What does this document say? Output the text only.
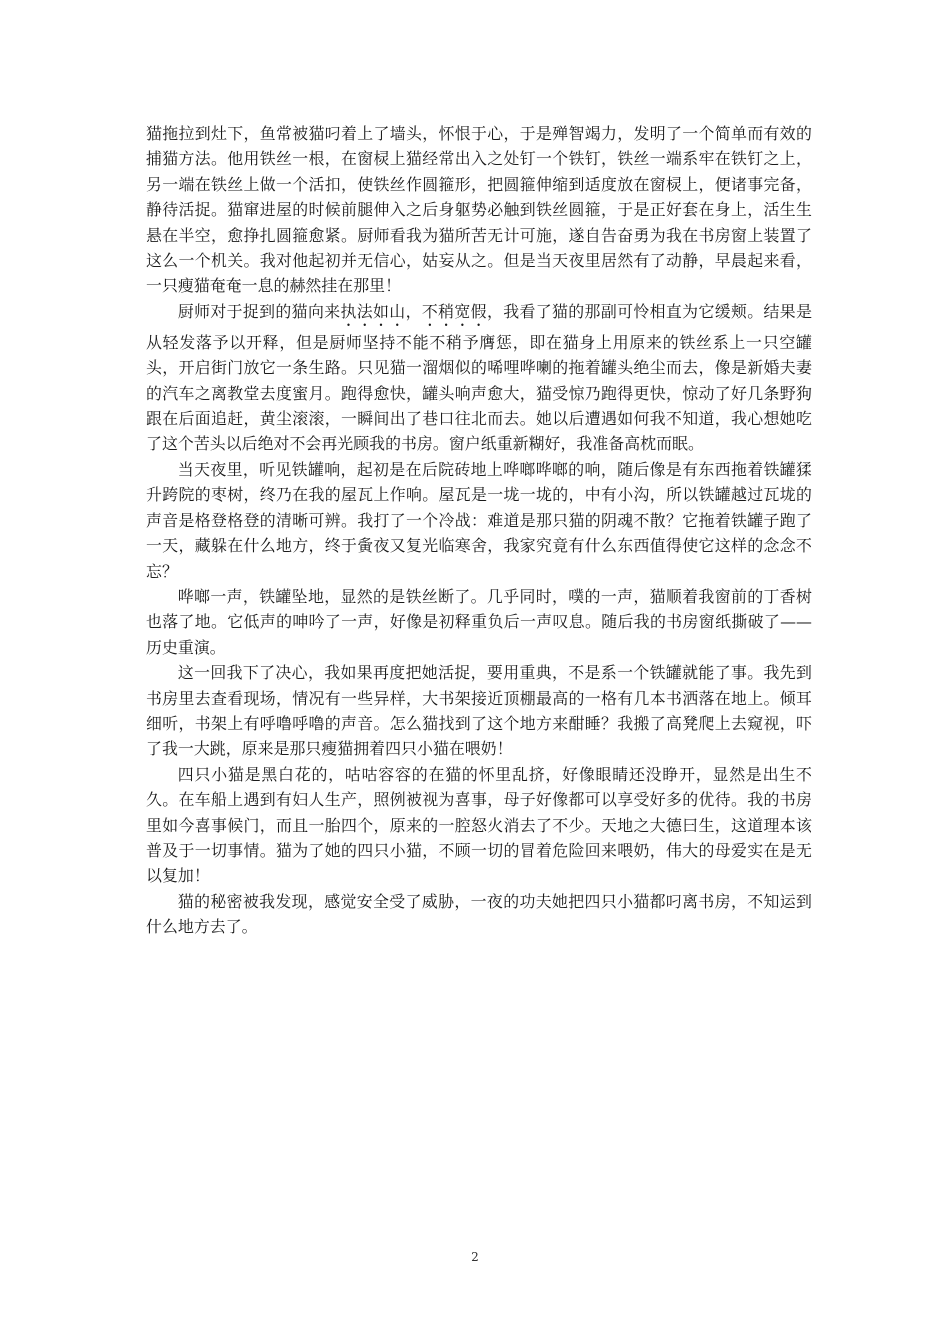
猫拖拉到灶下，鱼常被猫叼着上了墙头，怀恨于心，于是殚智竭力，发明了一个简单而有效的捕猫方法。他用铁丝一根，在窗棂上猫经常出入之处钉一个铁钉，铁丝一端系牢在铁钉之上，另一端在铁丝上做一个活扣，使铁丝作圆箍形，把圆箍伸缩到适度放在窗棂上，便诸事完备，静待活捉。猫窜进屋的时候前腿伸入之后身躯势必触到铁丝圆箍，于是正好套在身上，活生生悬在半空，愈挣扎圆箍愈紧。厨师看我为猫所苦无计可施，遂自告奋勇为我在书房窗上装置了这么一个机关。我对他起初并无信心，姑妄从之。但是当天夜里居然有了动静，早晨起来看，一只瘦猫奄奄一息的赫然挂在那里！

厨师对于捉到的猫向来执法如山，不稍宽假，我看了猫的那副可怜相直为它缓颊。结果是从轻发落予以开释，但是厨师坚持不能不稍予膺惩，即在猫身上用原来的铁丝系上一只空罐头，开启街门放它一条生路。只见猫一溜烟似的唏哩哗喇的拖着罐头绝尘而去，像是新婚夫妻的汽车之离教堂去度蜜月。跑得愈快，罐头响声愈大，猫受惊乃跑得更快，惊动了好几条野狗跟在后面追赶，黄尘滚滚，一瞬间出了巷口往北而去。她以后遭遇如何我不知道，我心想她吃了这个苦头以后绝对不会再光顾我的书房。窗户纸重新糊好，我准备高枕而眠。

当天夜里，听见铁罐响，起初是在后院砖地上哗啷哗啷的响，随后像是有东西拖着铁罐猱升跨院的枣树，终乃在我的屋瓦上作响。屋瓦是一垅一垅的，中有小沟，所以铁罐越过瓦垅的声音是格登格登的清晰可辨。我打了一个冷战：难道是那只猫的阴魂不散？它拖着铁罐子跑了一天，藏躲在什么地方，终于夤夜又复光临寒舍，我家究竟有什么东西值得使它这样的念念不忘？

哗啷一声，铁罐坠地，显然的是铁丝断了。几乎同时，噗的一声，猫顺着我窗前的丁香树也落了地。它低声的呻吟了一声，好像是初释重负后一声叹息。随后我的书房窗纸撕破了——历史重演。

这一回我下了决心，我如果再度把她活捉，要用重典，不是系一个铁罐就能了事。我先到书房里去查看现场，情况有一些异样，大书架接近顶棚最高的一格有几本书洒落在地上。倾耳细听，书架上有呼噜呼噜的声音。怎么猫找到了这个地方来酣睡？我搬了高凳爬上去窥视，吓了我一大跳，原来是那只瘦猫拥着四只小猫在喂奶！

四只小猫是黑白花的，咕咕容容的在猫的怀里乱挤，好像眼睛还没睁开，显然是出生不久。在车船上遇到有妇人生产，照例被视为喜事，母子好像都可以享受好多的优待。我的书房里如今喜事候门，而且一胎四个，原来的一腔怒火消去了不少。天地之大德曰生，这道理本该普及于一切事情。猫为了她的四只小猫，不顾一切的冒着危险回来喂奶，伟大的母爱实在是无以复加！

猫的秘密被我发现，感觉安全受了威胁，一夜的功夫她把四只小猫都叼离书房，不知运到什么地方去了。

2
